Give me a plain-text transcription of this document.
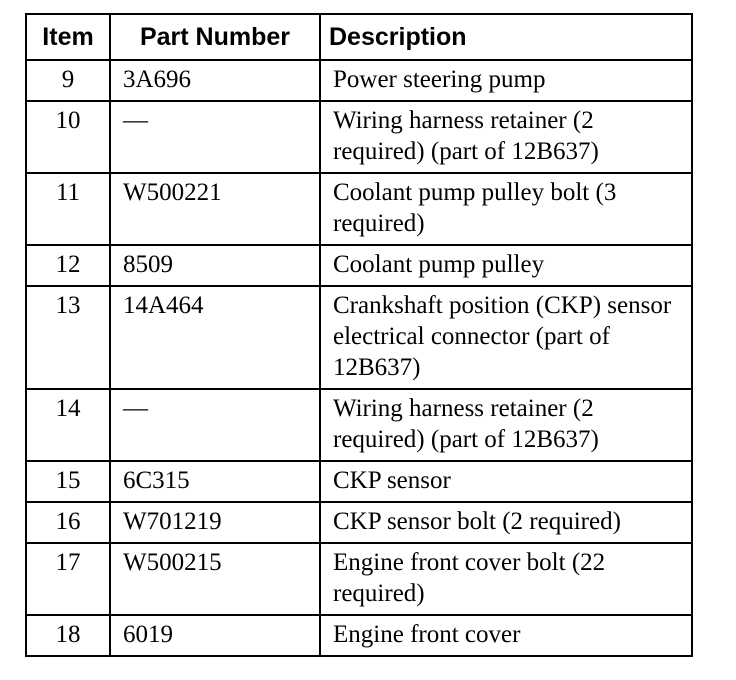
Item	Part Number	Description
9	3A696	Power steering pump
10	—	Wiring harness retainer (2 required) (part of 12B637)
11	W500221	Coolant pump pulley bolt (3 required)
12	8509	Coolant pump pulley
13	14A464	Crankshaft position (CKP) sensor electrical connector (part of 12B637)
14	—	Wiring harness retainer (2 required) (part of 12B637)
15	6C315	CKP sensor
16	W701219	CKP sensor bolt (2 required)
17	W500215	Engine front cover bolt (22 required)
18	6019	Engine front cover
